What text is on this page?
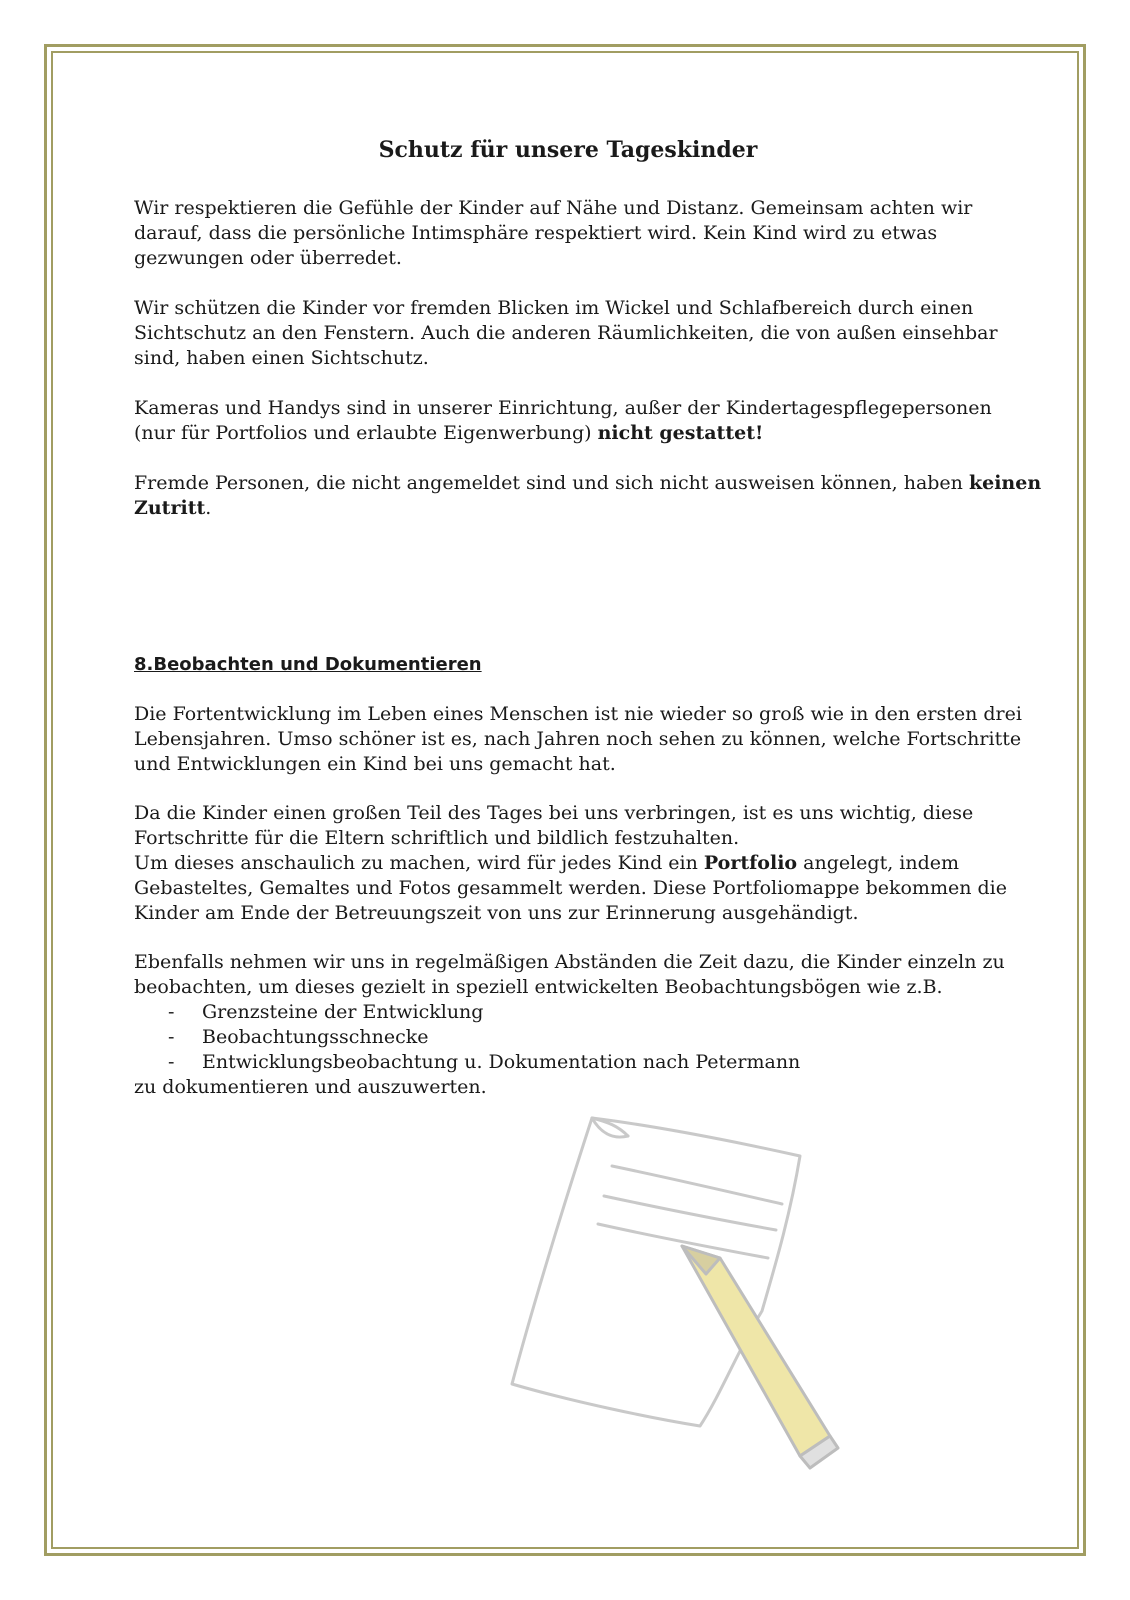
Schutz für unsere Tageskinder

Wir respektieren die Gefühle der Kinder auf Nähe und Distanz. Gemeinsam achten wir
darauf, dass die persönliche Intimsphäre respektiert wird. Kein Kind wird zu etwas
gezwungen oder überredet.

Wir schützen die Kinder vor fremden Blicken im Wickel und Schlafbereich durch einen
Sichtschutz an den Fenstern. Auch die anderen Räumlichkeiten, die von außen einsehbar
sind, haben einen Sichtschutz.

Kameras und Handys sind in unserer Einrichtung, außer der Kindertagespflegepersonen
(nur für Portfolios und erlaubte Eigenwerbung) nicht gestattet!

Fremde Personen, die nicht angemeldet sind und sich nicht ausweisen können, haben keinen
Zutritt.

8.Beobachten und Dokumentieren

Die Fortentwicklung im Leben eines Menschen ist nie wieder so groß wie in den ersten drei
Lebensjahren. Umso schöner ist es, nach Jahren noch sehen zu können, welche Fortschritte
und Entwicklungen ein Kind bei uns gemacht hat.

Da die Kinder einen großen Teil des Tages bei uns verbringen, ist es uns wichtig, diese
Fortschritte für die Eltern schriftlich und bildlich festzuhalten.
Um dieses anschaulich zu machen, wird für jedes Kind ein Portfolio angelegt, indem
Gebasteltes, Gemaltes und Fotos gesammelt werden. Diese Portfoliomappe bekommen die
Kinder am Ende der Betreuungszeit von uns zur Erinnerung ausgehändigt.

Ebenfalls nehmen wir uns in regelmäßigen Abständen die Zeit dazu, die Kinder einzeln zu
beobachten, um dieses gezielt in speziell entwickelten Beobachtungsbögen wie z.B.

- Grenzsteine der Entwicklung
- Beobachtungsschnecke
- Entwicklungsbeobachtung u. Dokumentation nach Petermann

zu dokumentieren und auszuwerten.
